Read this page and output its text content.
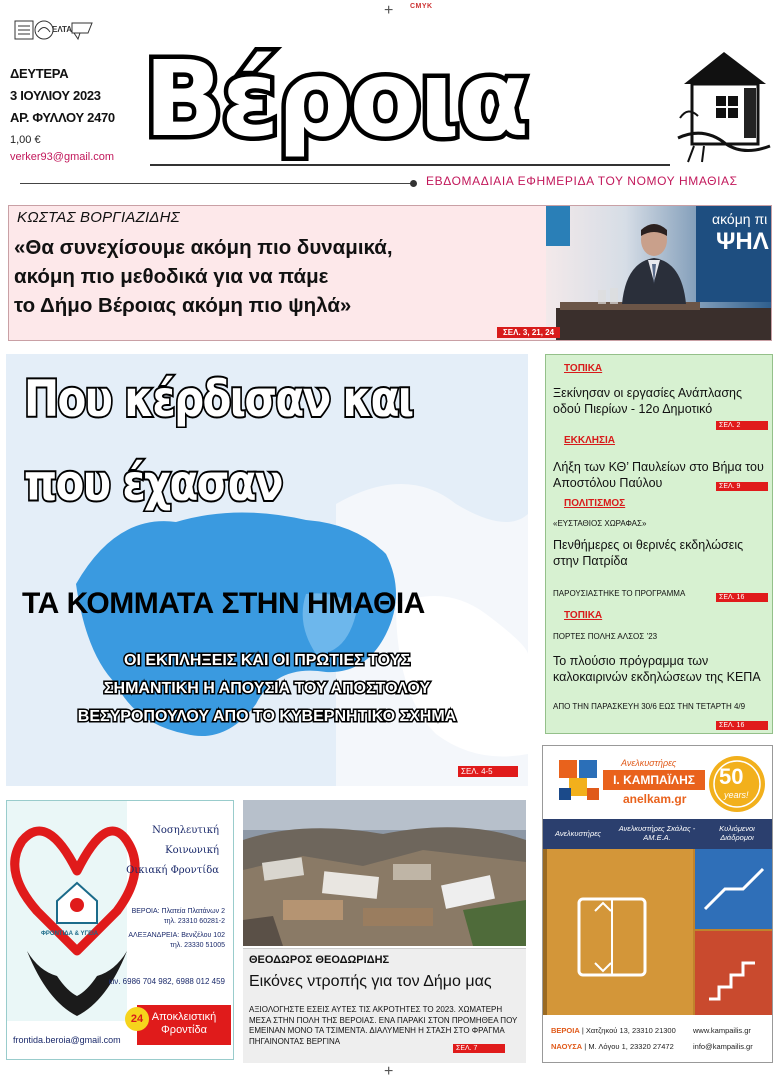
+ CMYK
+
ΕΛΤΑ
ΔΕΥΤΕΡΑ
3 ΙΟΥΛΙΟΥ 2023
ΑΡ. ΦΥΛΛΟΥ 2470
1,00 €
verker93@gmail.com Βέροια
ΕΒΔΟΜΑΔΙΑΙΑ ΕΦΗΜΕΡΙΔΑ ΤΟΥ ΝΟΜΟΥ ΗΜΑΘΙΑΣ
ΚΩΣΤΑΣ ΒΟΡΓΙΑΖΙΔΗΣ
«Θα συνεχίσουμε ακόμη πιο δυναμικά,
ακόμη πιο μεθοδικά για να πάμε
το Δήμο Βέροιας ακόμη πιο ψηλά»
ακόμη πι
ΨΗΛ
ΣΕΛ. 3, 21, 24
Που κέρδισαν και
που έχασαν
ΤΑ ΚΟΜΜΑΤΑ ΣΤΗΝ ΗΜΑΘΙΑ
ΟΙ ΕΚΠΛΗΞΕΙΣ ΚΑΙ ΟΙ ΠΡΩΤΙΕΣ ΤΟΥΣ
ΣΗΜΑΝΤΙΚΗ Η ΑΠΟΥΣΙΑ ΤΟΥ ΑΠΟΣΤΟΛΟΥ
ΒΕΣΥΡΟΠΟΥΛΟΥ ΑΠΟ ΤΟ ΚΥΒΕΡΝΗΤΙΚΟ ΣΧΗΜΑ
ΣΕΛ. 4-5
ΤΟΠΙΚΑ
Ξεκίνησαν οι εργασίες Ανάπλασης οδού Πιερίων - 12ο Δημοτικό
ΣΕΛ. 2
ΕΚΚΛΗΣΙΑ
Λήξη των ΚΘ’ Παυλείων στο Βήμα του Αποστόλου Παύλου	ΣΕΛ. 9
ΠΟΛΙΤΙΣΜΟΣ
«ΕΥΣΤΑΘΙΟΣ ΧΩΡΑΦΑΣ»
Πενθήμερες οι θερινές εκδηλώσεις στην Πατρίδα
ΠΑΡΟΥΣΙΑΣΤΗΚΕ ΤΟ ΠΡΟΓΡΑΜΜΑ	ΣΕΛ. 16
ΤΟΠΙΚΑ
ΠΟΡΤΕΣ ΠΟΛΗΣ ΑΛΣΟΣ ’23
Το πλούσιο πρόγραμμα των καλοκαιρινών εκδηλώσεων της ΚΕΠΑ
ΑΠΟ ΤΗΝ ΠΑΡΑΣΚΕΥΗ 30/6 ΕΩΣ ΤΗΝ ΤΕΤΑΡΤΗ 4/9
ΣΕΛ. 16
ΦΡΟΝΤΙΔΑ & ΥΓΕΙΑ
Νοσηλευτική
Κοινωνική
Οικιακή Φροντίδα
ΒΕΡΟΙΑ: Πλατεία Πλατάνων 2
τηλ. 23310 60281-2
ΑΛΕΞΑΝΔΡΕΙΑ: Βενιζέλου 102
τηλ. 23330 51005
κιν. 6986 704 982, 6988 012 459
Αποκλειστική Φροντίδα
24
frontida.beroia@gmail.com
ΘΕΟΔΩΡΟΣ ΘΕΟΔΩΡΙΔΗΣ
Εικόνες ντροπής για τον Δήμο μας
ΑΞΙΟΛΟΓΗΣΤΕ ΕΣΕΙΣ ΑΥΤΕΣ ΤΙΣ ΑΚΡΟΤΗΤΕΣ ΤΟ 2023. ΧΩΜΑΤΕΡΗ ΜΕΣΑ ΣΤΗΝ ΠΟΛΗ ΤΗΣ ΒΕΡΟΙΑΣ. ΕΝΑ ΠΑΡΑΚΙ ΣΤΟΝ ΠΡΟΜΗΘΕΑ ΠΟΥ ΕΜΕΙΝΑΝ ΜΟΝΟ ΤΑ ΤΣΙΜΕΝΤΑ. ΔΙΑΛΥΜΕΝΗ Η ΣΤΑΣΗ ΣΤΟ ΦΡΑΓΜΑ ΠΗΓΑΙΝΟΝΤΑΣ ΒΕΡΓΙΝΑ
ΣΕΛ. 7
Ανελκυστήρες
Ι. ΚΑΜΠΑΪΛΗΣ
anelkam.gr
50
years!
Ανελκυστήρες
Ανελκυστήρες Σκάλας - ΑΜ.Ε.Α.
Κυλιόμενοι Διάδρομοι
ΒΕΡΟΙΑ | Χατζηκού 13, 23310 21300
ΝΑΟΥΣΑ | Μ. Λόγου 1, 23320 27472
www.kampailis.gr
info@kampailis.gr
